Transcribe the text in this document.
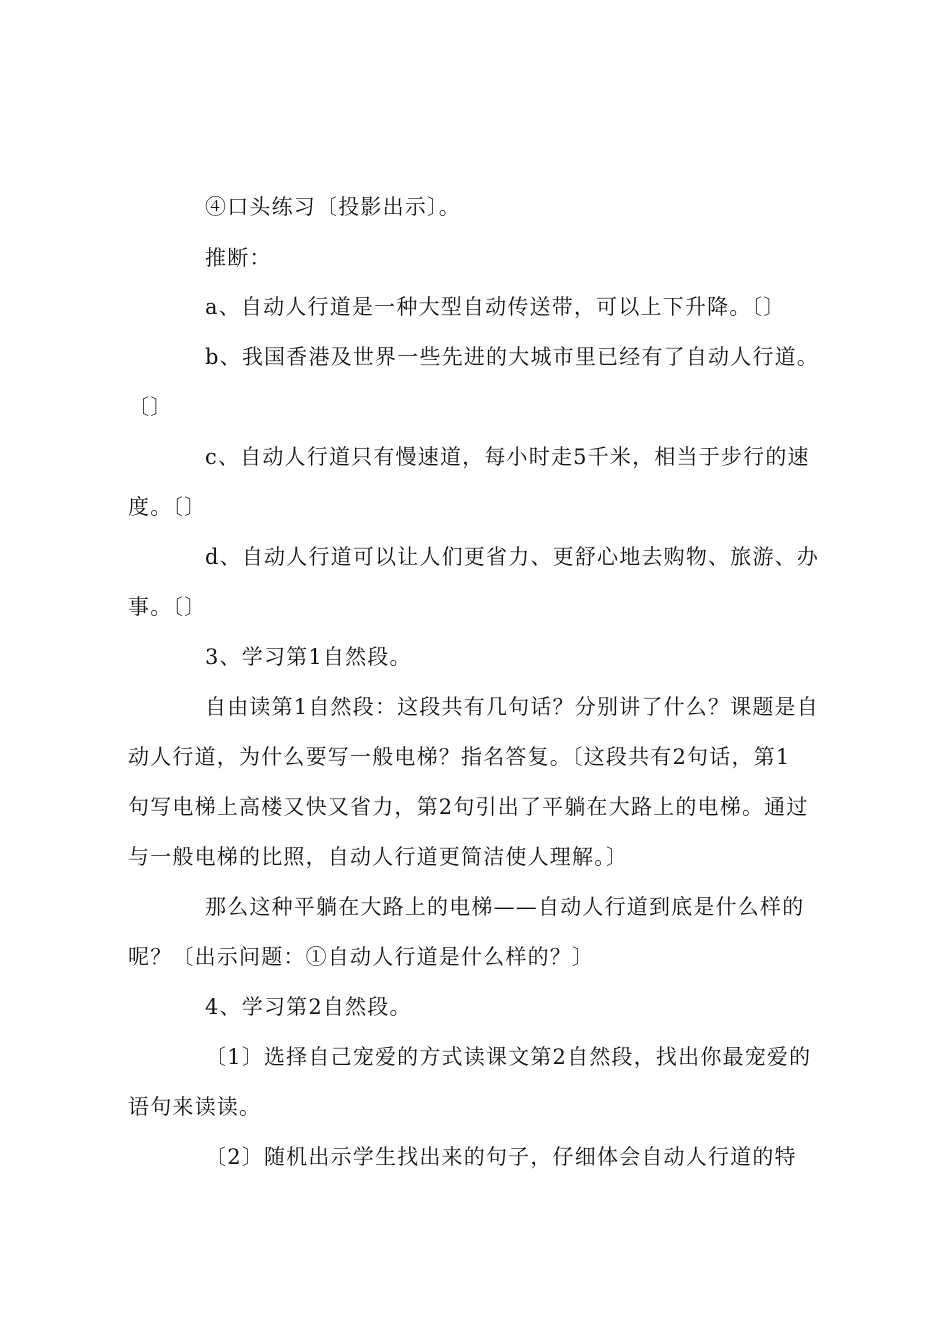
④口头练习〔投影出示〕。
推断：
a、自动人行道是一种大型自动传送带，可以上下升降。〔〕
b、我国香港及世界一些先进的大城市里已经有了自动人行道。
〔〕
c、自动人行道只有慢速道，每小时走5千米，相当于步行的速
度。〔〕
d、自动人行道可以让人们更省力、更舒心地去购物、旅游、办
事。〔〕
3、学习第1自然段。
自由读第1自然段：这段共有几句话？分别讲了什么？课题是自
动人行道，为什么要写一般电梯？指名答复。〔这段共有2句话，第1
句写电梯上高楼又快又省力，第2句引出了平躺在大路上的电梯。通过
与一般电梯的比照，自动人行道更简洁使人理解。〕
那么这种平躺在大路上的电梯——自动人行道到底是什么样的
呢？〔出示问题：①自动人行道是什么样的？〕
4、学习第2自然段。
〔1〕选择自己宠爱的方式读课文第2自然段，找出你最宠爱的
语句来读读。
〔2〕随机出示学生找出来的句子，仔细体会自动人行道的特
